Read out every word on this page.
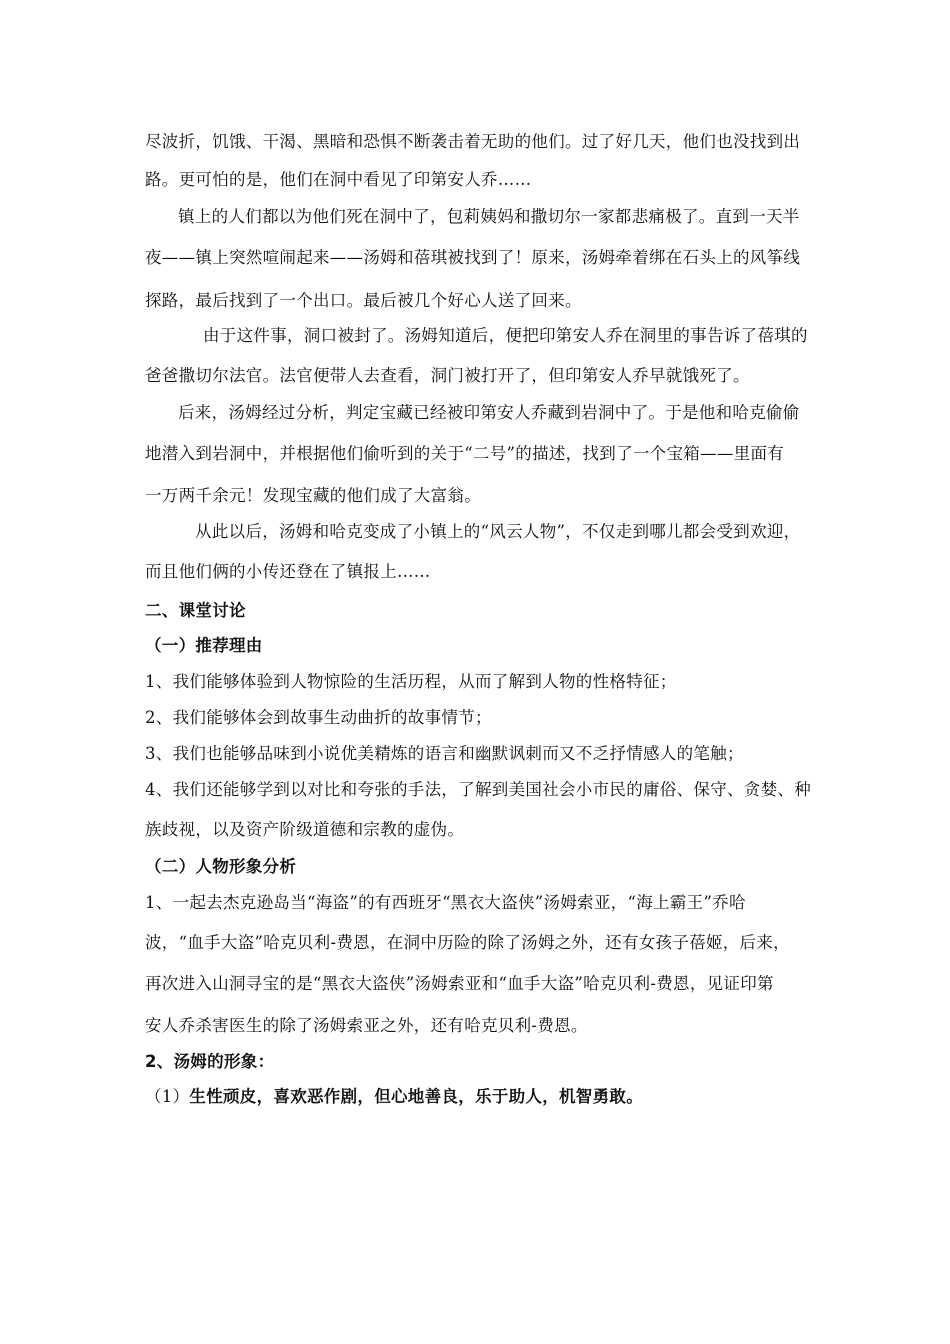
尽波折，饥饿、干渴、黑暗和恐惧不断袭击着无助的他们。过了好几天，他们也没找到出
路。更可怕的是，他们在洞中看见了印第安人乔……
镇上的人们都以为他们死在洞中了，包莉姨妈和撒切尔一家都悲痛极了。直到一天半
夜——镇上突然喧闹起来——汤姆和蓓琪被找到了！原来，汤姆牵着绑在石头上的风筝线
探路，最后找到了一个出口。最后被几个好心人送了回来。
由于这件事，洞口被封了。汤姆知道后，便把印第安人乔在洞里的事告诉了蓓琪的
爸爸撒切尔法官。法官便带人去查看，洞门被打开了，但印第安人乔早就饿死了。
后来，汤姆经过分析，判定宝藏已经被印第安人乔藏到岩洞中了。于是他和哈克偷偷
地潜入到岩洞中，并根据他们偷听到的关于“二号”的描述，找到了一个宝箱——里面有
一万两千余元！发现宝藏的他们成了大富翁。
从此以后，汤姆和哈克变成了小镇上的“风云人物”，不仅走到哪儿都会受到欢迎，
而且他们俩的小传还登在了镇报上……
二、课堂讨论
（一）推荐理由
1、我们能够体验到人物惊险的生活历程，从而了解到人物的性格特征；
2、我们能够体会到故事生动曲折的故事情节；
3、我们也能够品味到小说优美精炼的语言和幽默讽刺而又不乏抒情感人的笔触；
4、我们还能够学到以对比和夸张的手法，了解到美国社会小市民的庸俗、保守、贪婪、种
族歧视，以及资产阶级道德和宗教的虚伪。
（二）人物形象分析
1、一起去杰克逊岛当“海盗”的有西班牙“黑衣大盗侠”汤姆索亚，“海上霸王”乔哈
波，“血手大盗”哈克贝利-费恩，在洞中历险的除了汤姆之外，还有女孩子蓓姬，后来，
再次进入山洞寻宝的是“黑衣大盗侠”汤姆索亚和“血手大盗”哈克贝利-费恩，见证印第
安人乔杀害医生的除了汤姆索亚之外，还有哈克贝利-费恩。
2、汤姆的形象：
（1）生性顽皮，喜欢恶作剧，但心地善良，乐于助人，机智勇敢。
